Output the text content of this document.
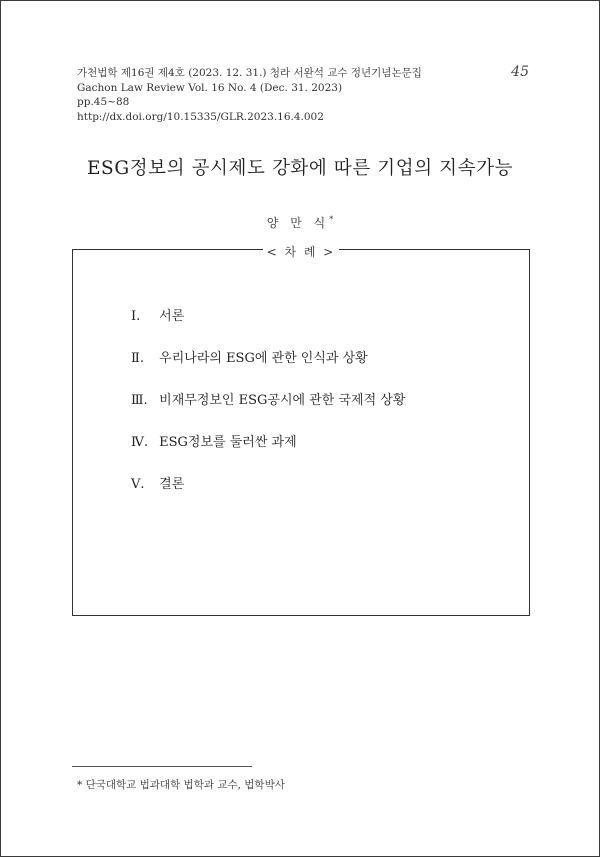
가천법학 제16권 제4호 (2023. 12. 31.) 청라 서완석 교수 정년기념논문집
Gachon Law Review Vol. 16 No. 4 (Dec. 31. 2023)
pp.45~88
http://dx.doi.org/10.15335/GLR.2023.16.4.002
45
ESG정보의 공시제도 강화에 따른 기업의 지속가능
양 만 식*
< 차 례 >
Ⅰ. 서론
Ⅱ. 우리나라의 ESG에 관한 인식과 상황
Ⅲ. 비재무정보인 ESG공시에 관한 국제적 상황
Ⅳ. ESG정보를 둘러싼 과제
Ⅴ. 결론
* 단국대학교 법과대학 법학과 교수, 법학박사
